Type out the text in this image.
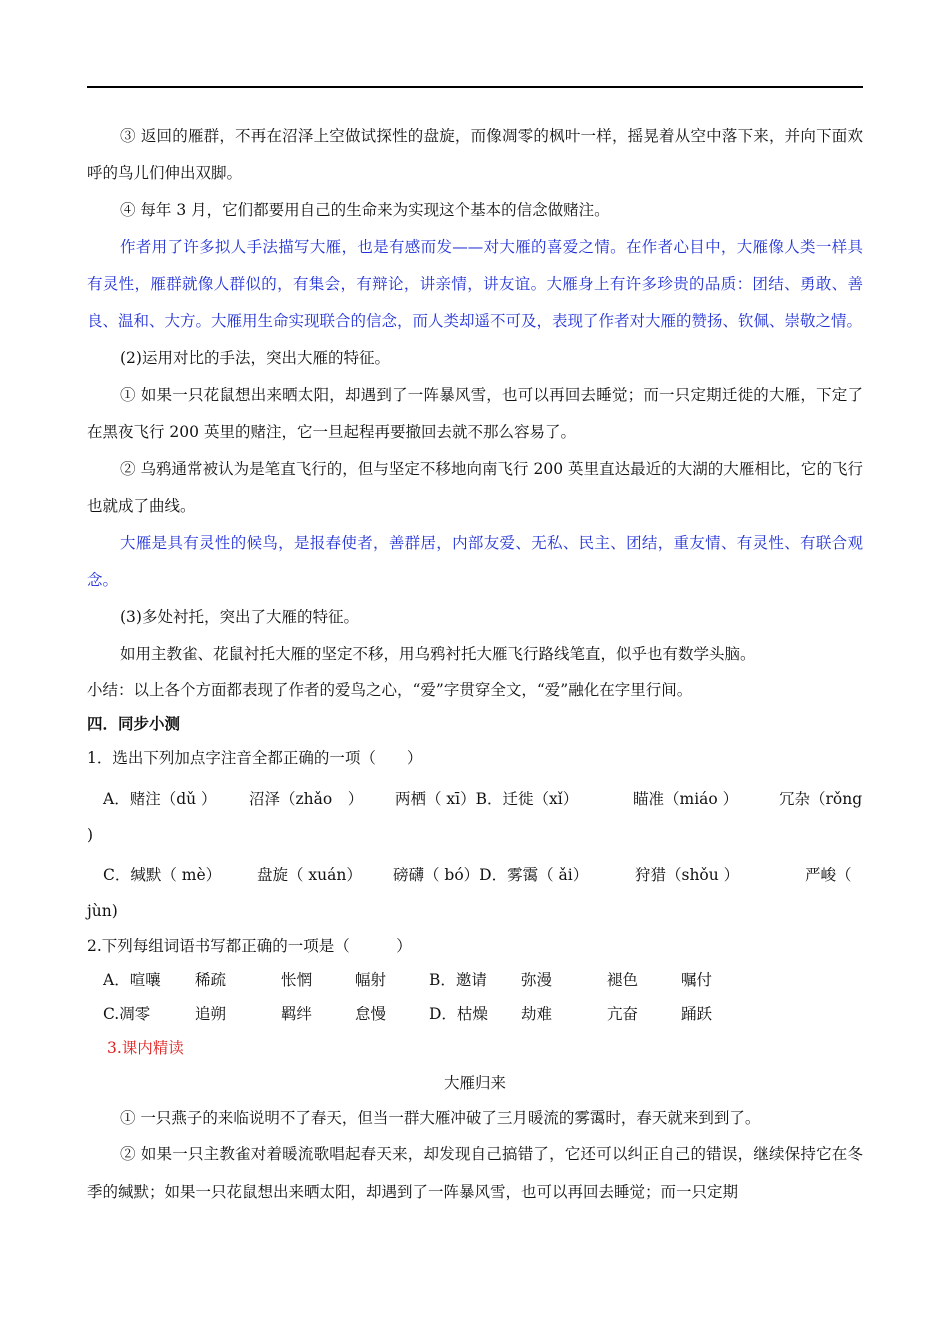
③ 返回的雁群，不再在沼泽上空做试探性的盘旋，而像凋零的枫叶一样，摇晃着从空中落下来，并向下面欢呼的鸟儿们伸出双脚。

④ 每年 3 月，它们都要用自己的生命来为实现这个基本的信念做赌注。

作者用了许多拟人手法描写大雁，也是有感而发——对大雁的喜爱之情。在作者心目中，大雁像人类一样具有灵性，雁群就像人群似的，有集会，有辩论，讲亲情，讲友谊。大雁身上有许多珍贵的品质：团结、勇敢、善良、温和、大方。大雁用生命实现联合的信念，而人类却遥不可及，表现了作者对大雁的赞扬、钦佩、崇敬之情。

(2)运用对比的手法，突出大雁的特征。

① 如果一只花鼠想出来晒太阳，却遇到了一阵暴风雪，也可以再回去睡觉；而一只定期迁徙的大雁，下定了在黑夜飞行 200 英里的赌注，它一旦起程再要撤回去就不那么容易了。

② 乌鸦通常被认为是笔直飞行的，但与坚定不移地向南飞行 200 英里直达最近的大湖的大雁相比，它的飞行也就成了曲线。

大雁是具有灵性的候鸟，是报春使者，善群居，内部友爱、无私、民主、团结，重友情、有灵性、有联合观念。

(3)多处衬托，突出了大雁的特征。

如用主教雀、花鼠衬托大雁的坚定不移，用乌鸦衬托大雁飞行路线笔直，似乎也有数学头脑。

小结：以上各个方面都表现了作者的爱鸟之心，“爱”字贯穿全文，“爱”融化在字里行间。

四．同步小测

1．选出下列加点字注音全都正确的一项（　　）

A．赌注（dǔ ）	沼泽（zhǎo　）	两栖（ xī）B．迁徙（xǐ）	瞄准（miáo ）	冗杂（rǒng

)

C．缄默（ mè）	盘旋（ xuán）	磅礴（ bó）D．雾霭（ ǎi）	狩猎（shǒu ）	严峻（

jùn)

2.下列每组词语书写都正确的一项是（　　　）

A．喧嚷	稀疏	怅惘	幅射	B．邀请	弥漫	褪色	嘱付
C.凋零	追朔	羁绊	怠慢	D．枯燥	劫难	亢奋	踊跃

3.课内精读

大雁归来

① 一只燕子的来临说明不了春天，但当一群大雁冲破了三月暖流的雾霭时，春天就来到到了。

② 如果一只主教雀对着暖流歌唱起春天来，却发现自己搞错了，它还可以纠正自己的错误，继续保持它在冬季的缄默；如果一只花鼠想出来晒太阳，却遇到了一阵暴风雪，也可以再回去睡觉；而一只定期
